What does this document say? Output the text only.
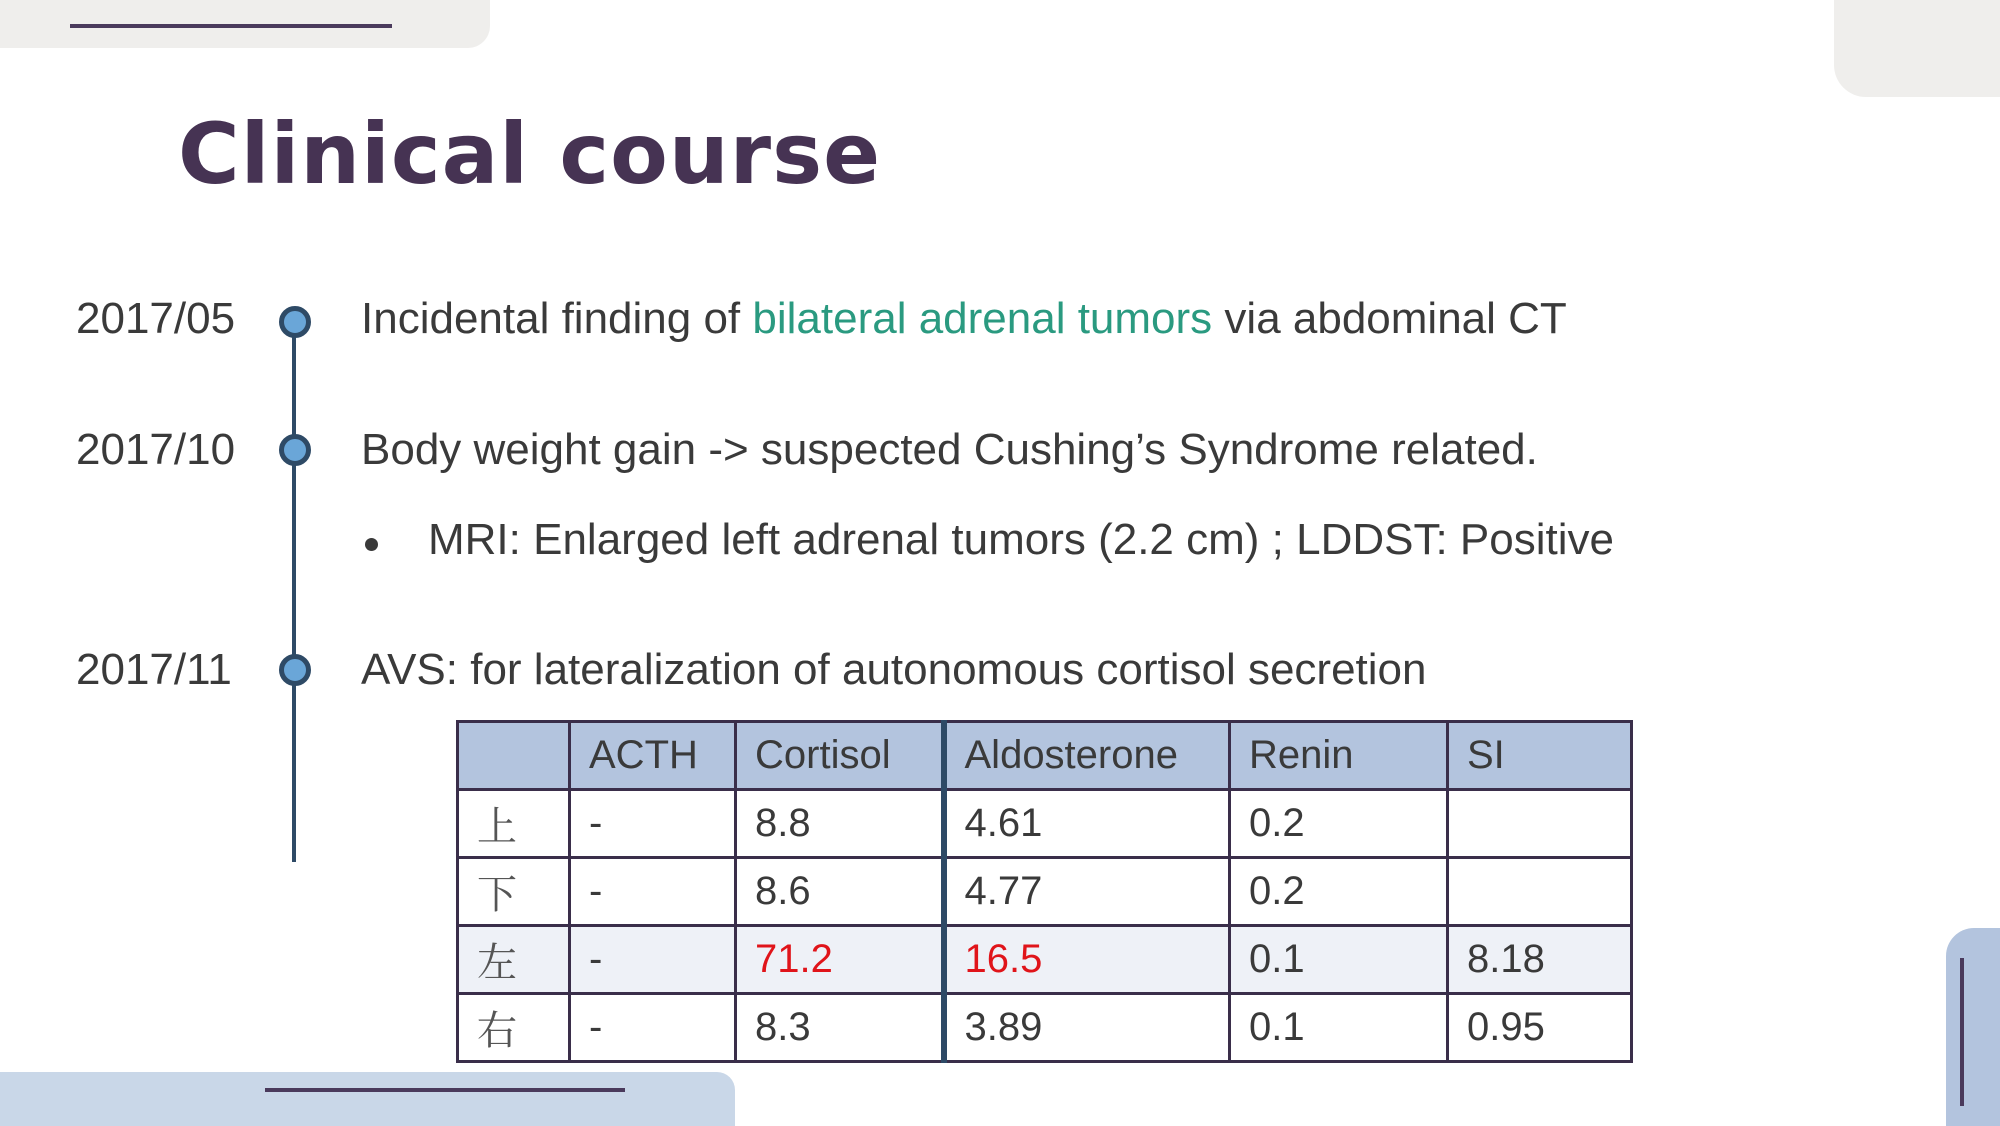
Clinical course
2017/05	Incidental finding of bilateral adrenal tumors via abdominal CT
2017/10	Body weight gain -> suspected Cushing’s Syndrome related.
MRI: Enlarged left adrenal tumors (2.2 cm) ; LDDST: Positive
2017/11	AVS: for lateralization of autonomous cortisol secretion
	ACTH	Cortisol	Aldosterone	Renin	SI
上	-	8.8	4.61	0.2	
下	-	8.6	4.77	0.2	
左	-	71.2	16.5	0.1	8.18
右	-	8.3	3.89	0.1	0.95
